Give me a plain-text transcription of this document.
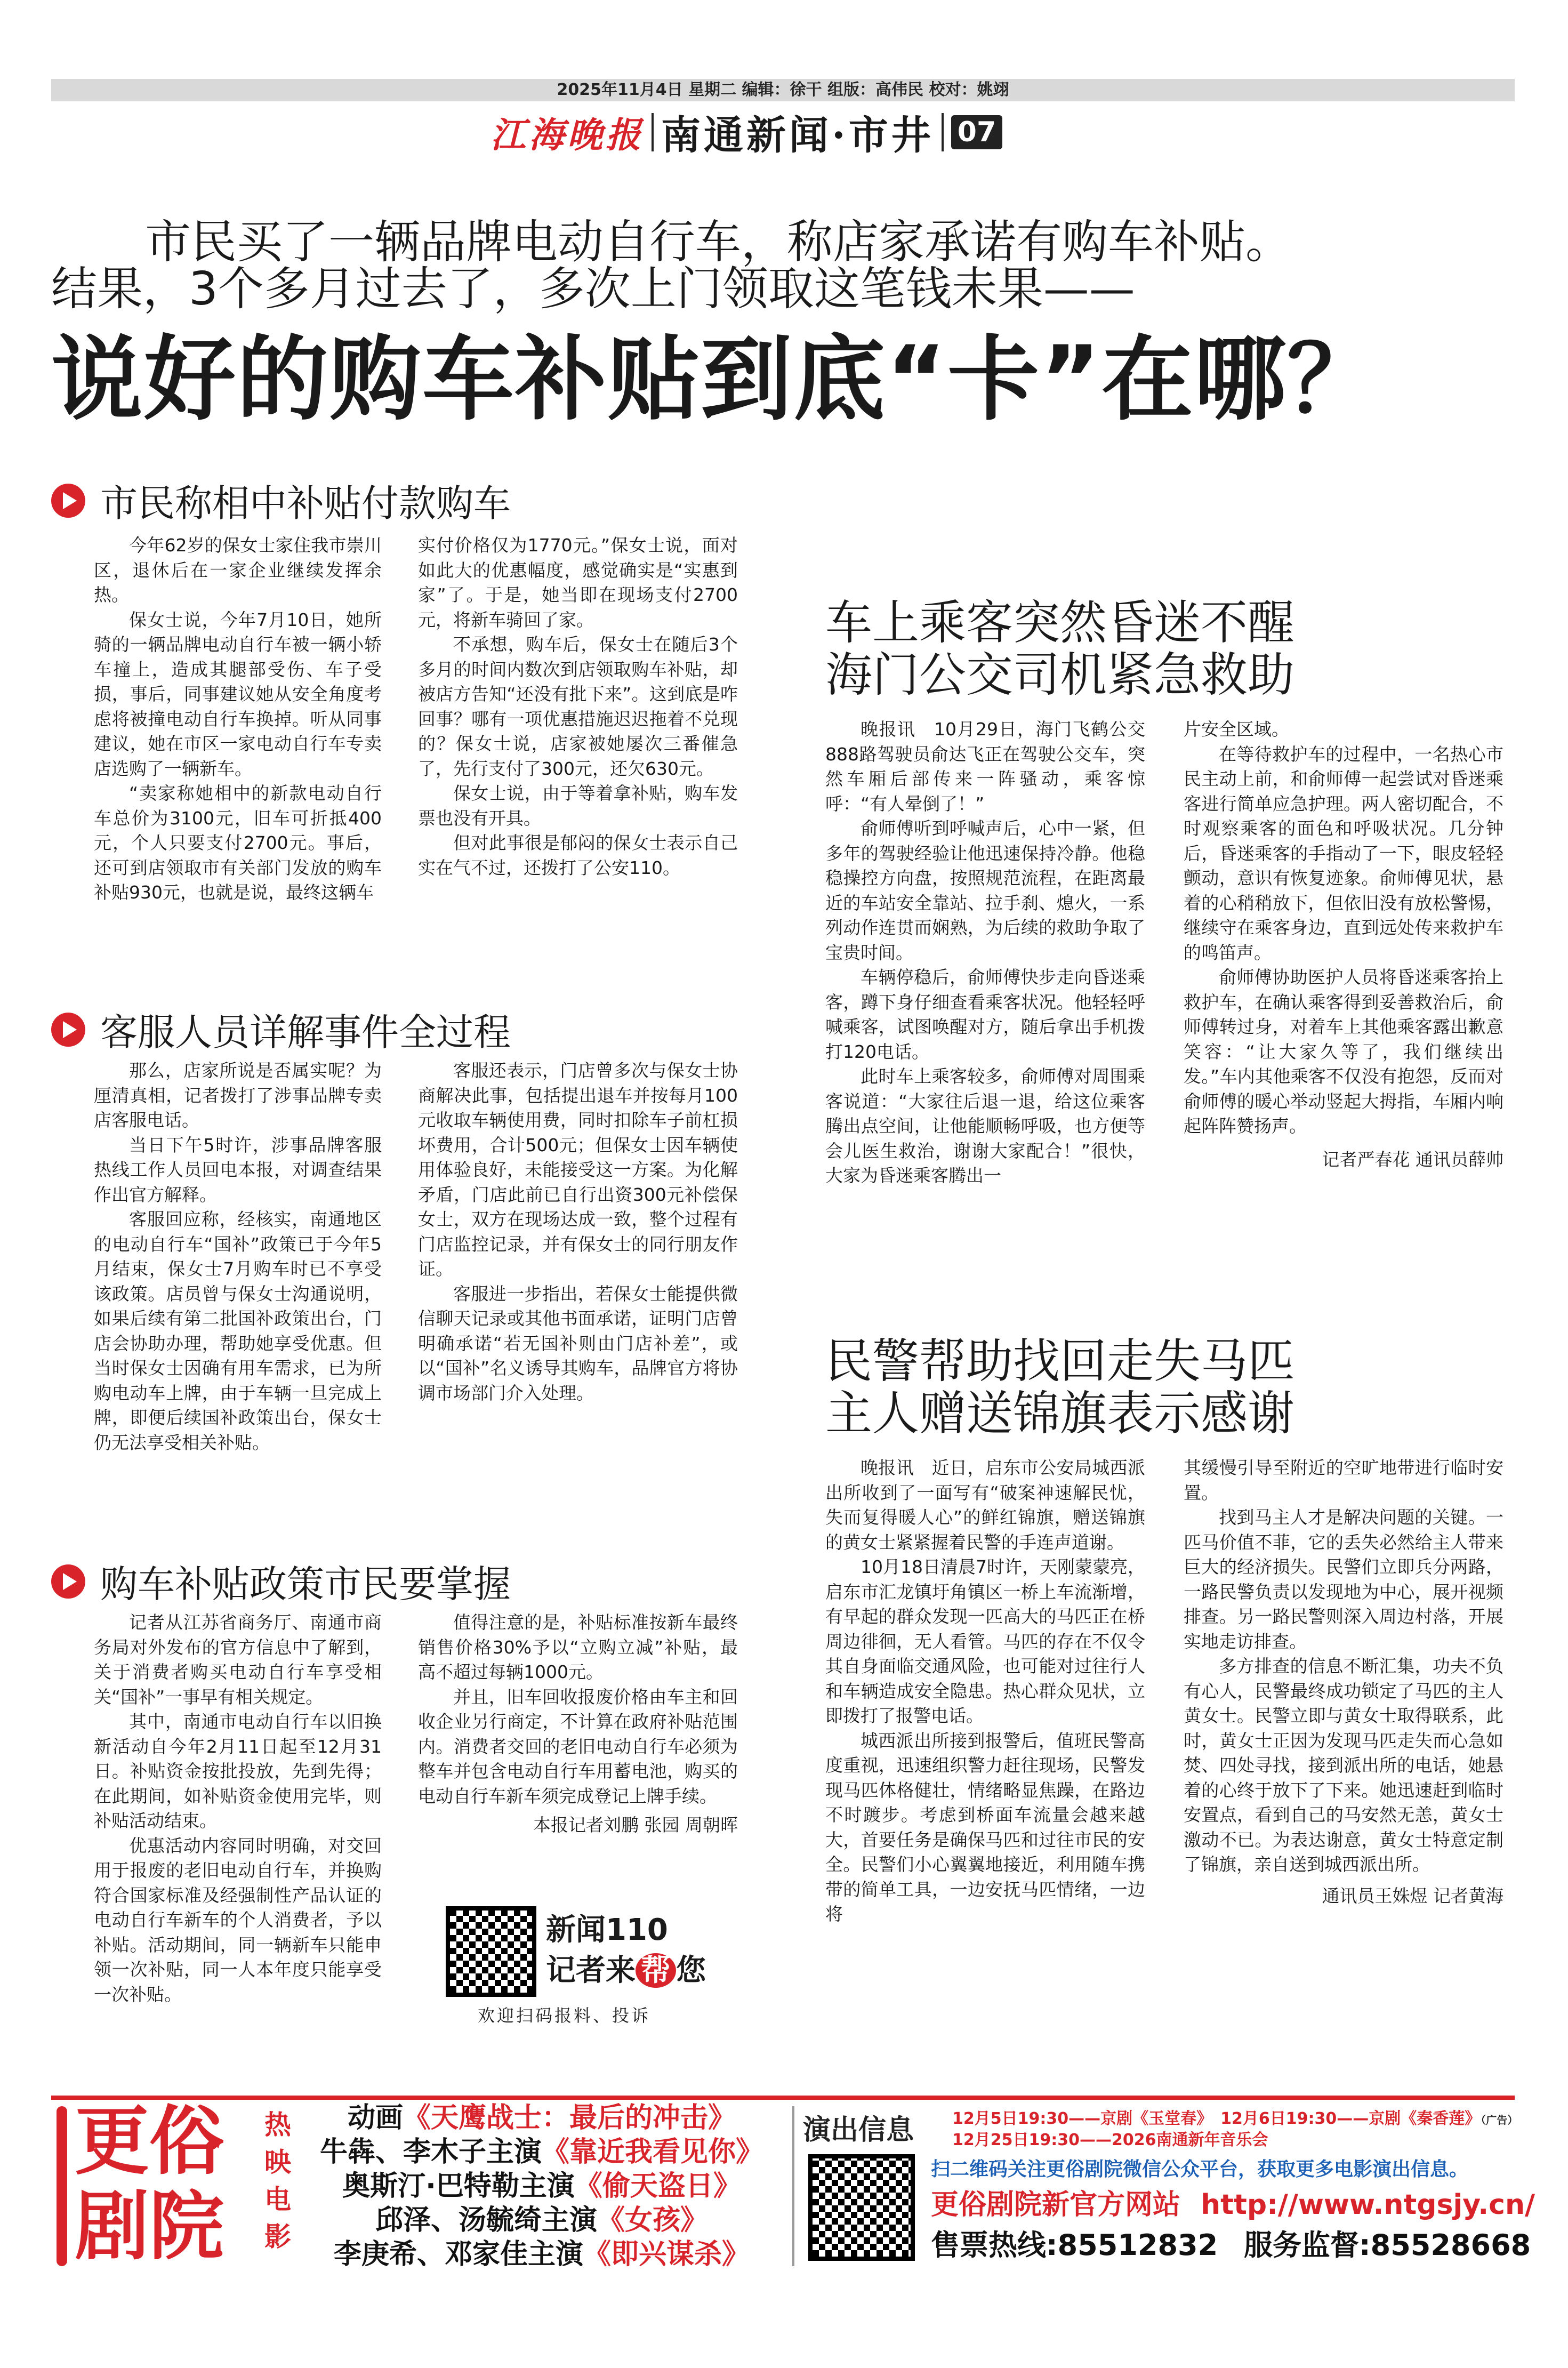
2025年11月4日 星期二 编辑：徐干 组版：高伟民 校对：姚翊
江海晚报 南通新闻·市井 07
市民买了一辆品牌电动自行车，称店家承诺有购车补贴。
结果，3个多月过去了，多次上门领取这笔钱未果——
说好的购车补贴到底“卡”在哪？
市民称相中补贴付款购车

今年62岁的保女士家住我市崇川区，退休后在一家企业继续发挥余热。

保女士说，今年7月10日，她所骑的一辆品牌电动自行车被一辆小轿车撞上，造成其腿部受伤、车子受损，事后，同事建议她从安全角度考虑将被撞电动自行车换掉。听从同事建议，她在市区一家电动自行车专卖店选购了一辆新车。

“卖家称她相中的新款电动自行车总价为3100元，旧车可折抵400元，个人只要支付2700元。事后，还可到店领取市有关部门发放的购车补贴930元，也就是说，最终这辆车

实付价格仅为1770元。”保女士说，面对如此大的优惠幅度，感觉确实是“实惠到家”了。于是，她当即在现场支付2700元，将新车骑回了家。

不承想，购车后，保女士在随后3个多月的时间内数次到店领取购车补贴，却被店方告知“还没有批下来”。这到底是咋回事？哪有一项优惠措施迟迟拖着不兑现的？保女士说，店家被她屡次三番催急了，先行支付了300元，还欠630元。

保女士说，由于等着拿补贴，购车发票也没有开具。

但对此事很是郁闷的保女士表示自己实在气不过，还拨打了公安110。

客服人员详解事件全过程

那么，店家所说是否属实呢？为厘清真相，记者拨打了涉事品牌专卖店客服电话。

当日下午5时许，涉事品牌客服热线工作人员回电本报，对调查结果作出官方解释。

客服回应称，经核实，南通地区的电动自行车“国补”政策已于今年5月结束，保女士7月购车时已不享受该政策。店员曾与保女士沟通说明，如果后续有第二批国补政策出台，门店会协助办理，帮助她享受优惠。但当时保女士因确有用车需求，已为所购电动车上牌，由于车辆一旦完成上牌，即便后续国补政策出台，保女士仍无法享受相关补贴。

客服还表示，门店曾多次与保女士协商解决此事，包括提出退车并按每月100元收取车辆使用费，同时扣除车子前杠损坏费用，合计500元；但保女士因车辆使用体验良好，未能接受这一方案。为化解矛盾，门店此前已自行出资300元补偿保女士，双方在现场达成一致，整个过程有门店监控记录，并有保女士的同行朋友作证。

客服进一步指出，若保女士能提供微信聊天记录或其他书面承诺，证明门店曾明确承诺“若无国补则由门店补差”，或以“国补”名义诱导其购车，品牌官方将协调市场部门介入处理。

购车补贴政策市民要掌握

记者从江苏省商务厅、南通市商务局对外发布的官方信息中了解到，关于消费者购买电动自行车享受相关“国补”一事早有相关规定。

其中，南通市电动自行车以旧换新活动自今年2月11日起至12月31日。补贴资金按批投放，先到先得；在此期间，如补贴资金使用完毕，则补贴活动结束。

优惠活动内容同时明确，对交回用于报废的老旧电动自行车，并换购符合国家标准及经强制性产品认证的电动自行车新车的个人消费者，予以补贴。活动期间，同一辆新车只能申领一次补贴，同一人本年度只能享受一次补贴。

值得注意的是，补贴标准按新车最终销售价格30%予以“立购立减”补贴，最高不超过每辆1000元。

并且，旧车回收报废价格由车主和回收企业另行商定，不计算在政府补贴范围内。消费者交回的老旧电动自行车必须为整车并包含电动自行车用蓄电池，购买的电动自行车新车须完成登记上牌手续。

本报记者刘鹏 张园 周朝晖

新闻110
记者来 帮 您
欢迎扫码报料、投诉
车上乘客突然昏迷不醒
海门公交司机紧急救助

晚报讯　10月29日，海门飞鹤公交888路驾驶员俞达飞正在驾驶公交车，突然车厢后部传来一阵骚动，乘客惊呼：“有人晕倒了！”

俞师傅听到呼喊声后，心中一紧，但多年的驾驶经验让他迅速保持冷静。他稳稳操控方向盘，按照规范流程，在距离最近的车站安全靠站、拉手刹、熄火，一系列动作连贯而娴熟，为后续的救助争取了宝贵时间。

车辆停稳后，俞师傅快步走向昏迷乘客，蹲下身仔细查看乘客状况。他轻轻呼喊乘客，试图唤醒对方，随后拿出手机拨打120电话。

此时车上乘客较多，俞师傅对周围乘客说道：“大家往后退一退，给这位乘客腾出点空间，让他能顺畅呼吸，也方便等会儿医生救治，谢谢大家配合！”很快，大家为昏迷乘客腾出一

片安全区域。

在等待救护车的过程中，一名热心市民主动上前，和俞师傅一起尝试对昏迷乘客进行简单应急护理。两人密切配合，不时观察乘客的面色和呼吸状况。几分钟后，昏迷乘客的手指动了一下，眼皮轻轻颤动，意识有恢复迹象。俞师傅见状，悬着的心稍稍放下，但依旧没有放松警惕，继续守在乘客身边，直到远处传来救护车的鸣笛声。

俞师傅协助医护人员将昏迷乘客抬上救护车，在确认乘客得到妥善救治后，俞师傅转过身，对着车上其他乘客露出歉意笑容：“让大家久等了，我们继续出发。”车内其他乘客不仅没有抱怨，反而对俞师傅的暖心举动竖起大拇指，车厢内响起阵阵赞扬声。

记者严春花 通讯员薛帅

民警帮助找回走失马匹
主人赠送锦旗表示感谢

晚报讯　近日，启东市公安局城西派出所收到了一面写有“破案神速解民忧，失而复得暖人心”的鲜红锦旗，赠送锦旗的黄女士紧紧握着民警的手连声道谢。

10月18日清晨7时许，天刚蒙蒙亮，启东市汇龙镇圩角镇区一桥上车流渐增，有早起的群众发现一匹高大的马匹正在桥周边徘徊，无人看管。马匹的存在不仅令其自身面临交通风险，也可能对过往行人和车辆造成安全隐患。热心群众见状，立即拨打了报警电话。

城西派出所接到报警后，值班民警高度重视，迅速组织警力赶往现场，民警发现马匹体格健壮，情绪略显焦躁，在路边不时踱步。考虑到桥面车流量会越来越大，首要任务是确保马匹和过往市民的安全。民警们小心翼翼地接近，利用随车携带的简单工具，一边安抚马匹情绪，一边将

其缓慢引导至附近的空旷地带进行临时安置。

找到马主人才是解决问题的关键。一匹马价值不菲，它的丢失必然给主人带来巨大的经济损失。民警们立即兵分两路，一路民警负责以发现地为中心，展开视频排查。另一路民警则深入周边村落，开展实地走访排查。

多方排查的信息不断汇集，功夫不负有心人，民警最终成功锁定了马匹的主人黄女士。民警立即与黄女士取得联系，此时，黄女士正因为发现马匹走失而心急如焚、四处寻找，接到派出所的电话，她悬着的心终于放下了下来。她迅速赶到临时安置点，看到自己的马安然无恙，黄女士激动不已。为表达谢意，黄女士特意定制了锦旗，亲自送到城西派出所。

通讯员王姝煜 记者黄海

更俗
剧院
热映电影
动画《天鹰战士：最后的冲击》
牛犇、李木子主演《靠近我看见你》
奥斯汀·巴特勒主演《偷天盗日》
邱泽、汤毓绮主演《女孩》
李庚希、邓家佳主演《即兴谋杀》
演出信息 12月5日19:30——京剧《玉堂春》　12月6日19:30——京剧《秦香莲》（广告）
12月25日19:30——2026南通新年音乐会
扫二维码关注更俗剧院微信公众平台，获取更多电影演出信息。
更俗剧院新官方网站 http://www.ntgsjy.cn/
售票热线:85512832 服务监督:85528668
